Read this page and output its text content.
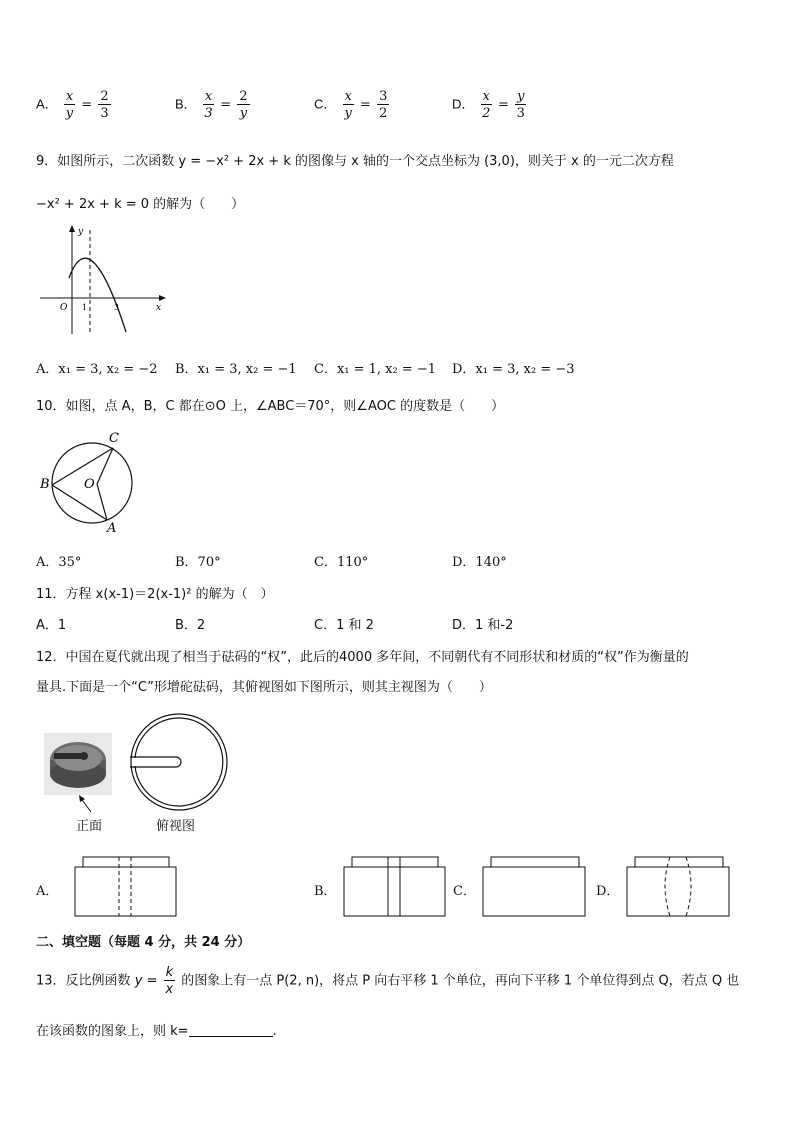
A． $\frac{x}{y} = \frac{2}{3}$	B． $\frac{x}{3} = \frac{2}{y}$	C． $\frac{x}{y} = \frac{3}{2}$	D． $\frac{x}{2} = \frac{y}{3}$
9．如图所示，二次函数 y = −x² + 2x + k 的图像与 x 轴的一个交点坐标为 (3,0)，则关于 x 的一元二次方程
−x² + 2x + k = 0 的解为（　　）
y
x
O 1	3
A．x₁ = 3, x₂ = −2 B．x₁ = 3, x₂ = −1 C．x₁ = 1, x₂ = −1 D．x₁ = 3, x₂ = −3
10．如图，点 A，B，C 都在⊙O 上，∠ABC＝70°，则∠AOC 的度数是（　　）
C
B	O
A
A．35°	B．70°	C．110°	D．140°
11．方程 x(x-1)＝2(x-1)² 的解为（　）
A．1	B．2	C．1 和 2	D．1 和-2
12．中国在夏代就出现了相当于砝码的“权”，此后的4000 多年间，不同朝代有不同形状和材质的“权”作为衡量的
量具.下面是一个“C”形增砣砝码，其俯视图如下图所示，则其主视图为（　　）
正面	俯视图
A．	B．	C．	D．
二、填空题（每题 4 分，共 24 分）
13．反比例函数 $y = \frac{k}{x}$ 的图象上有一点 P(2, n)，将点 P 向右平移 1 个单位，再向下平移 1 个单位得到点 Q，若点 Q 也
在该函数的图象上，则 k=	.
